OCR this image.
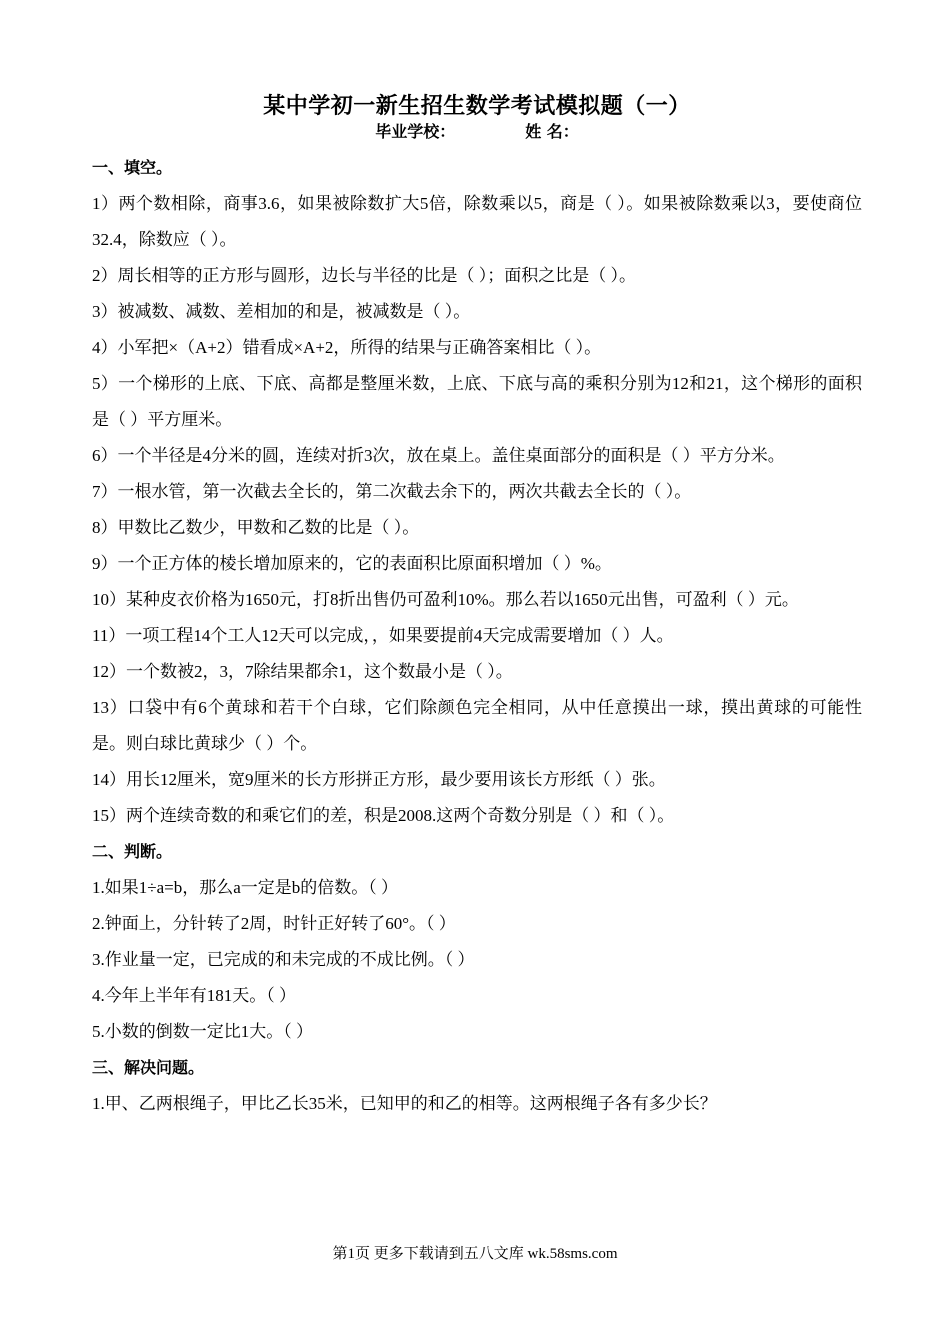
某中学初一新生招生数学考试模拟题（一）

毕业学校：	姓 名：

一、填空。

1）两个数相除，商事3.6，如果被除数扩大5倍，除数乘以5，商是（ ）。如果被除数乘以3，要使商位32.4，除数应（ ）。

2）周长相等的正方形与圆形，边长与半径的比是（ ）；面积之比是（ ）。

3）被减数、减数、差相加的和是，被减数是（ ）。

4）小军把×（A+2）错看成×A+2，所得的结果与正确答案相比（ ）。

5）一个梯形的上底、下底、高都是整厘米数，上底、下底与高的乘积分别为12和21，这个梯形的面积是（ ）平方厘米。

6）一个半径是4分米的圆，连续对折3次，放在桌上。盖住桌面部分的面积是（ ）平方分米。

7）一根水管，第一次截去全长的，第二次截去余下的，两次共截去全长的（ ）。

8）甲数比乙数少，甲数和乙数的比是（ ）。

9）一个正方体的棱长增加原来的，它的表面积比原面积增加（ ）%。

10）某种皮衣价格为1650元，打8折出售仍可盈利10%。那么若以1650元出售，可盈利（ ）元。

11）一项工程14个工人12天可以完成，，如果要提前4天完成需要增加（ ）人。

12）一个数被2，3，7除结果都余1，这个数最小是（ ）。

13）口袋中有6个黄球和若干个白球，它们除颜色完全相同，从中任意摸出一球，摸出黄球的可能性是。则白球比黄球少（ ）个。

14）用长12厘米，宽9厘米的长方形拼正方形，最少要用该长方形纸（ ）张。

15）两个连续奇数的和乘它们的差，积是2008.这两个奇数分别是（ ）和（ ）。

二、判断。

1.如果1÷a=b，那么a一定是b的倍数。（ ）

2.钟面上，分针转了2周，时针正好转了60°。（ ）

3.作业量一定，已完成的和未完成的不成比例。（ ）

4.今年上半年有181天。（ ）

5.小数的倒数一定比1大。（ ）

三、解决问题。

1.甲、乙两根绳子，甲比乙长35米，已知甲的和乙的相等。这两根绳子各有多少长？

第1页 更多下载请到五八文库 wk.58sms.com
